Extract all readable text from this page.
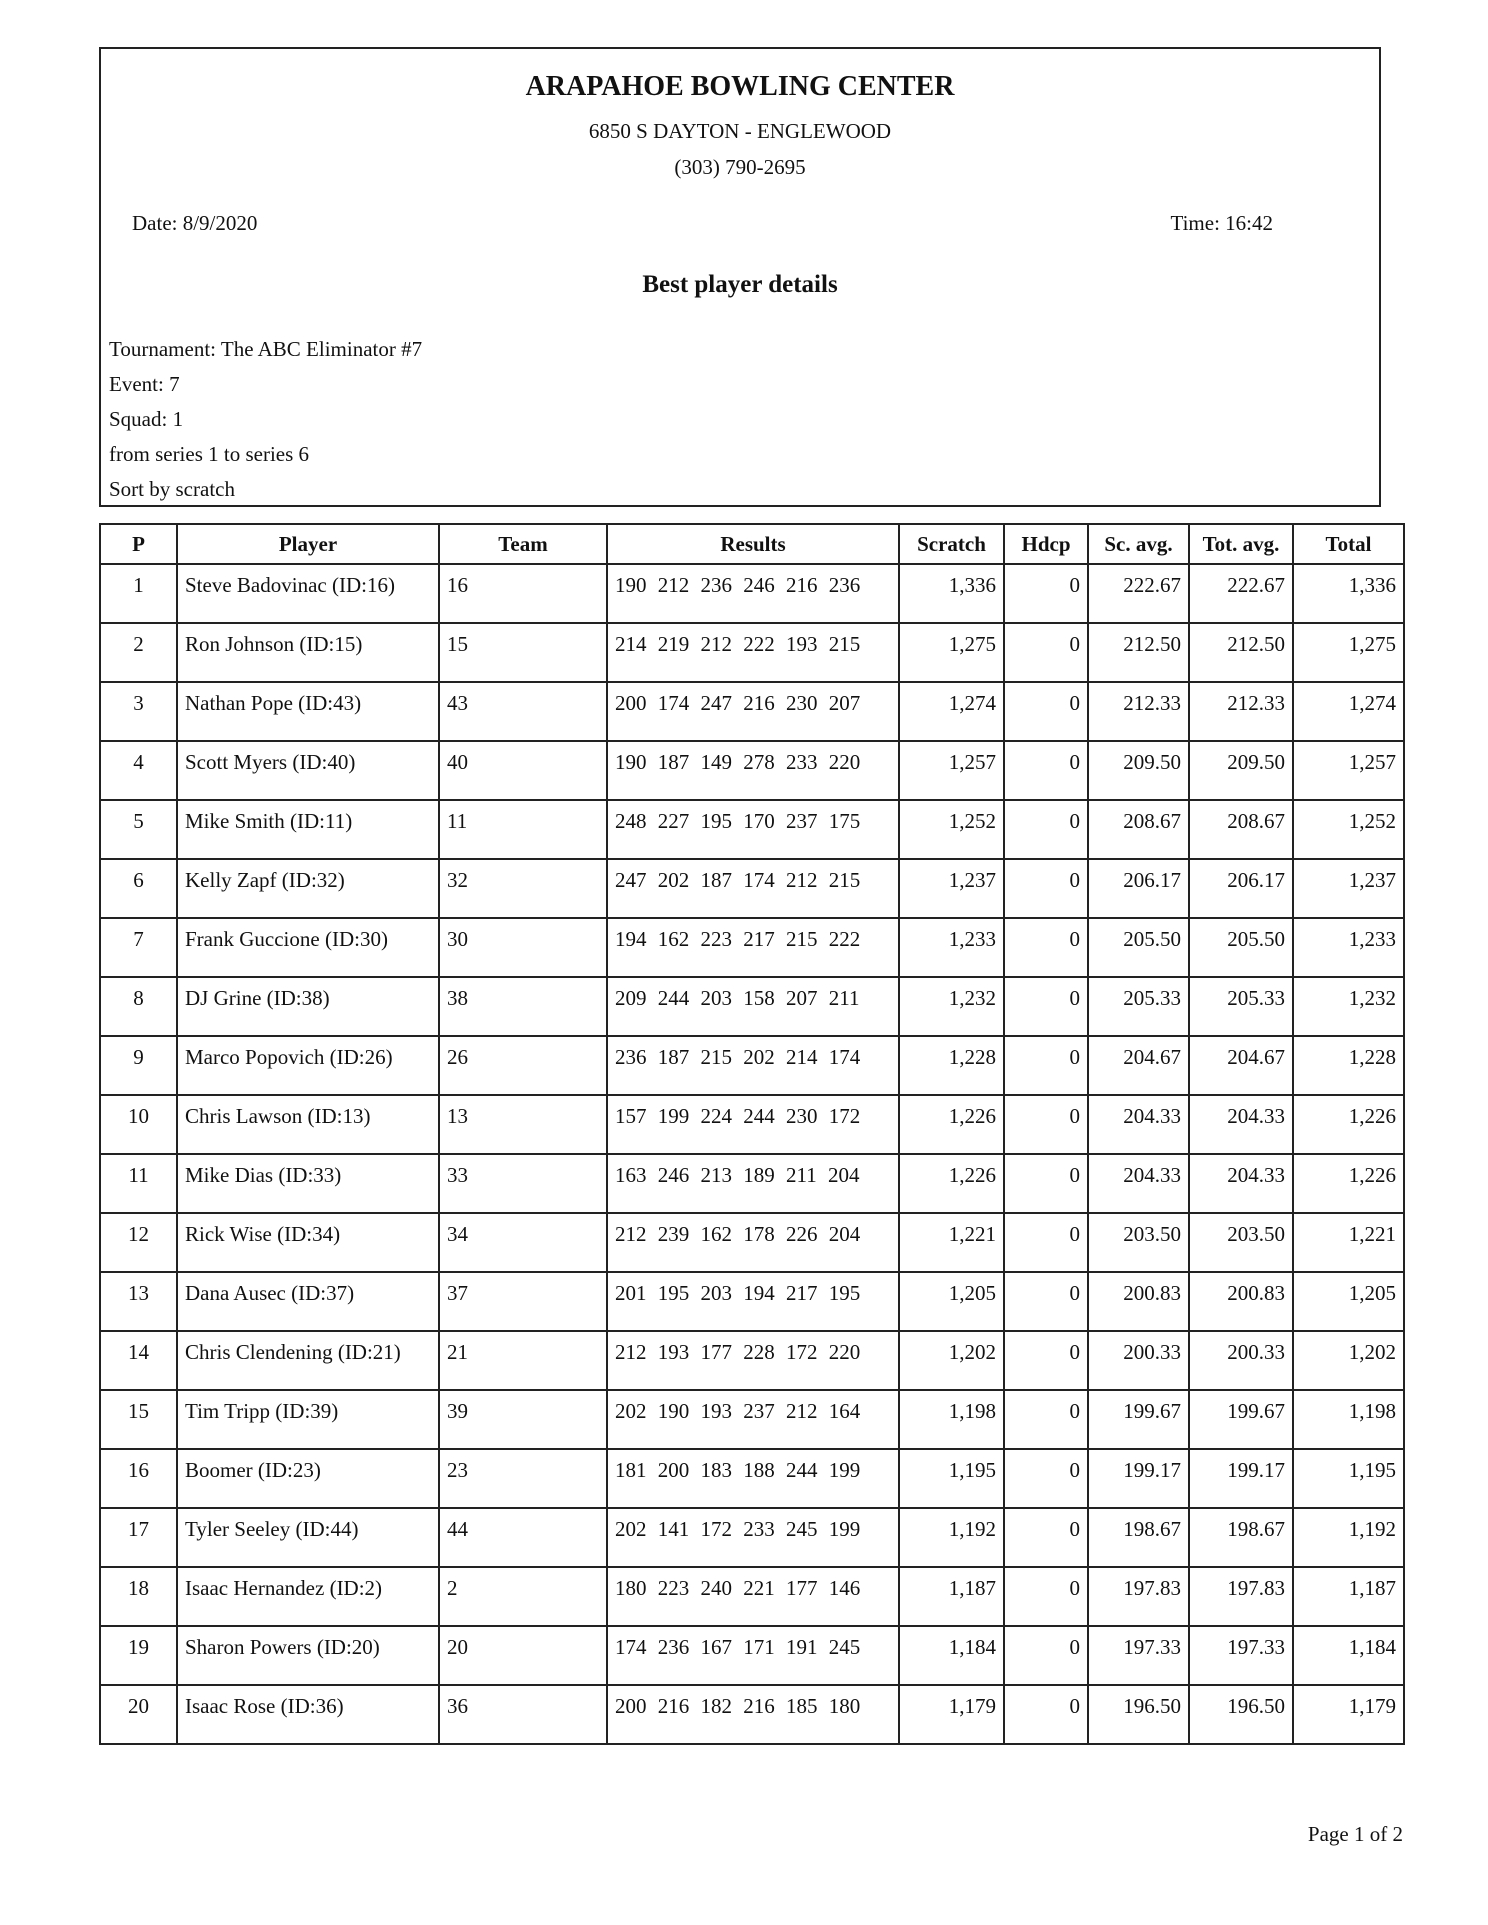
ARAPAHOE BOWLING CENTER
6850 S DAYTON - ENGLEWOOD
(303) 790-2695
Date: 8/9/2020	Time: 16:42
Best player details
Tournament: The ABC Eliminator #7
Event: 7
Squad: 1
from series 1 to series 6
Sort by scratch
P	Player	Team	Results	Scratch	Hdcp	Sc. avg.	Tot. avg.	Total
1	Steve Badovinac (ID:16)	16	190 212 236 246 216 236	1,336	0	222.67	222.67	1,336
2	Ron Johnson (ID:15)	15	214 219 212 222 193 215	1,275	0	212.50	212.50	1,275
3	Nathan Pope (ID:43)	43	200 174 247 216 230 207	1,274	0	212.33	212.33	1,274
4	Scott Myers (ID:40)	40	190 187 149 278 233 220	1,257	0	209.50	209.50	1,257
5	Mike Smith (ID:11)	11	248 227 195 170 237 175	1,252	0	208.67	208.67	1,252
6	Kelly Zapf (ID:32)	32	247 202 187 174 212 215	1,237	0	206.17	206.17	1,237
7	Frank Guccione (ID:30)	30	194 162 223 217 215 222	1,233	0	205.50	205.50	1,233
8	DJ Grine (ID:38)	38	209 244 203 158 207 211	1,232	0	205.33	205.33	1,232
9	Marco Popovich (ID:26)	26	236 187 215 202 214 174	1,228	0	204.67	204.67	1,228
10	Chris Lawson (ID:13)	13	157 199 224 244 230 172	1,226	0	204.33	204.33	1,226
11	Mike Dias (ID:33)	33	163 246 213 189 211 204	1,226	0	204.33	204.33	1,226
12	Rick Wise (ID:34)	34	212 239 162 178 226 204	1,221	0	203.50	203.50	1,221
13	Dana Ausec (ID:37)	37	201 195 203 194 217 195	1,205	0	200.83	200.83	1,205
14	Chris Clendening (ID:21)	21	212 193 177 228 172 220	1,202	0	200.33	200.33	1,202
15	Tim Tripp (ID:39)	39	202 190 193 237 212 164	1,198	0	199.67	199.67	1,198
16	Boomer (ID:23)	23	181 200 183 188 244 199	1,195	0	199.17	199.17	1,195
17	Tyler Seeley (ID:44)	44	202 141 172 233 245 199	1,192	0	198.67	198.67	1,192
18	Isaac Hernandez (ID:2)	2	180 223 240 221 177 146	1,187	0	197.83	197.83	1,187
19	Sharon Powers (ID:20)	20	174 236 167 171 191 245	1,184	0	197.33	197.33	1,184
20	Isaac Rose (ID:36)	36	200 216 182 216 185 180	1,179	0	196.50	196.50	1,179
Page 1 of 2
